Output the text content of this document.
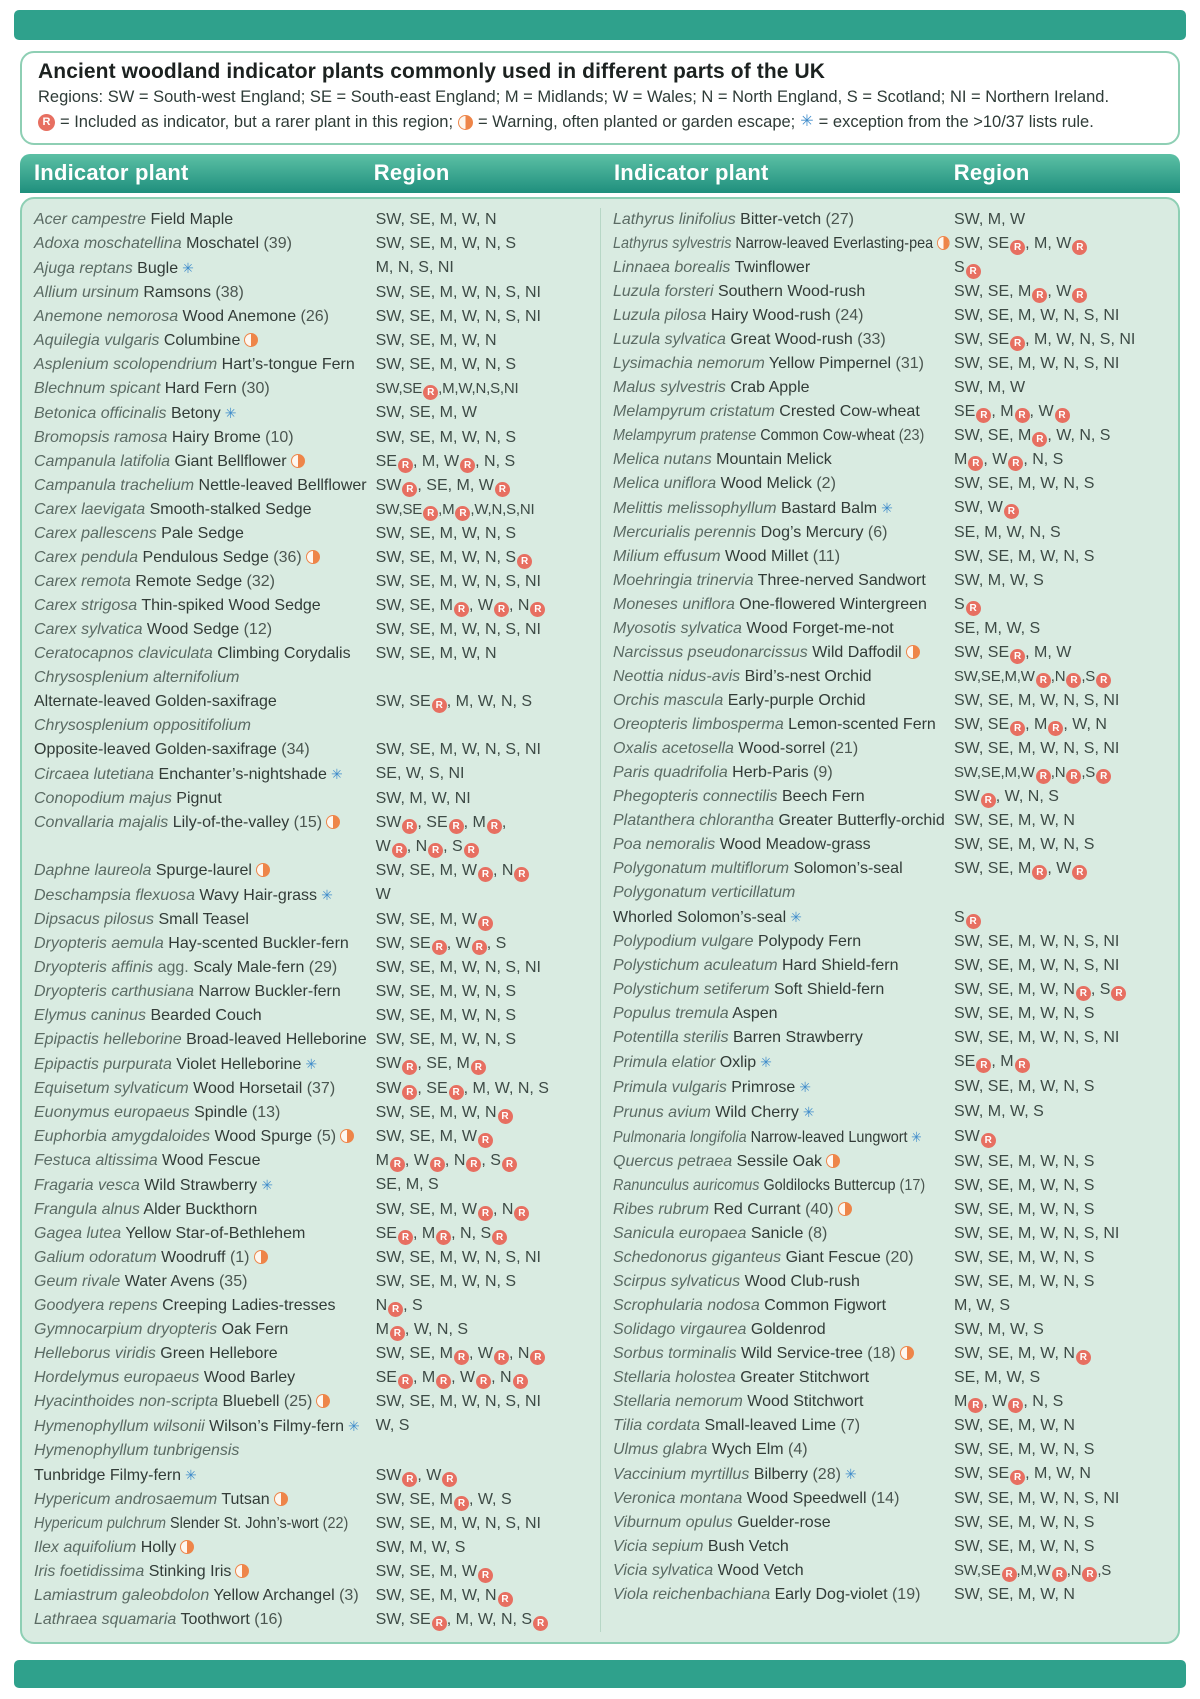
Ancient woodland indicator plants commonly used in different parts of the UK

Regions: SW = South-west England; SE = South-east England; M = Midlands; W = Wales; N = North England, S = Scotland; NI = Northern Ireland.

R = Included as indicator, but a rarer plant in this region; = Warning, often planted or garden escape; ✳ = exception from the >10/37 lists rule.

Indicator plant	Region	Indicator plant	Region
Acer campestre Field Maple	SW, SE, M, W, N
Adoxa moschatellina Moschatel (39)	SW, SE, M, W, N, S
Ajuga reptans Bugle ✳	M, N, S, NI
Allium ursinum Ramsons (38)	SW, SE, M, W, N, S, NI
Anemone nemorosa Wood Anemone (26)	SW, SE, M, W, N, S, NI
Aquilegia vulgaris Columbine	SW, SE, M, W, N
Asplenium scolopendrium Hart’s-tongue Fern	SW, SE, M, W, N, S
Blechnum spicant Hard Fern (30)	SW,SE R ,M,W,N,S,NI
Betonica officinalis Betony ✳	SW, SE, M, W
Bromopsis ramosa Hairy Brome (10)	SW, SE, M, W, N, S
Campanula latifolia Giant Bellflower	SE R , M, W R , N, S
Campanula trachelium Nettle-leaved Bellflower SW R , SE, M, W R
Carex laevigata Smooth-stalked Sedge	SW,SE R ,M R ,W,N,S,NI
Carex pallescens Pale Sedge	SW, SE, M, W, N, S
Carex pendula Pendulous Sedge (36)	SW, SE, M, W, N, S R
Carex remota Remote Sedge (32)	SW, SE, M, W, N, S, NI
Carex strigosa Thin-spiked Wood Sedge	SW, SE, M R , W R , N R
Carex sylvatica Wood Sedge (12)	SW, SE, M, W, N, S, NI
Ceratocapnos claviculata Climbing Corydalis	SW, SE, M, W, N
Chrysosplenium alternifolium
Alternate-leaved Golden-saxifrage	SW, SE R , M, W, N, S
Chrysosplenium oppositifolium
Opposite-leaved Golden-saxifrage (34)	SW, SE, M, W, N, S, NI
Circaea lutetiana Enchanter’s-nightshade ✳	SE, W, S, NI
Conopodium majus Pignut	SW, M, W, NI
Convallaria majalis Lily-of-the-valley (15)	SW R , SE R , M R ,
W R , N R , S R
Daphne laureola Spurge-laurel	SW, SE, M, W R , N R
Deschampsia flexuosa Wavy Hair-grass ✳	W
Dipsacus pilosus Small Teasel	SW, SE, M, W R
Dryopteris aemula Hay-scented Buckler-fern	SW, SE R , W R , S
Dryopteris affinis agg. Scaly Male-fern (29)	SW, SE, M, W, N, S, NI
Dryopteris carthusiana Narrow Buckler-fern	SW, SE, M, W, N, S
Elymus caninus Bearded Couch	SW, SE, M, W, N, S
Epipactis helleborine Broad-leaved Helleborine SW, SE, M, W, N, S
Epipactis purpurata Violet Helleborine ✳	SW R , SE, M R
Equisetum sylvaticum Wood Horsetail (37)	SW R , SE R , M, W, N, S
Euonymus europaeus Spindle (13)	SW, SE, M, W, N R
Euphorbia amygdaloides Wood Spurge (5)	SW, SE, M, W R
Festuca altissima Wood Fescue	M R , W R , N R , S R
Fragaria vesca Wild Strawberry ✳	SE, M, S
Frangula alnus Alder Buckthorn	SW, SE, M, W R , N R
Gagea lutea Yellow Star-of-Bethlehem	SE R , M R , N, S R
Galium odoratum Woodruff (1)	SW, SE, M, W, N, S, NI
Geum rivale Water Avens (35)	SW, SE, M, W, N, S
Goodyera repens Creeping Ladies-tresses	N R , S
Gymnocarpium dryopteris Oak Fern	M R , W, N, S
Helleborus viridis Green Hellebore	SW, SE, M R , W R , N R
Hordelymus europaeus Wood Barley	SE R , M R , W R , N R
Hyacinthoides non-scripta Bluebell (25)	SW, SE, M, W, N, S, NI
Hymenophyllum wilsonii Wilson’s Filmy-fern ✳ W, S
Hymenophyllum tunbrigensis
Tunbridge Filmy-fern ✳	SW R , W R
Hypericum androsaemum Tutsan	SW, SE, M R , W, S
Hypericum pulchrum Slender St. John’s-wort (22)	SW, SE, M, W, N, S, NI
Ilex aquifolium Holly	SW, M, W, S
Iris foetidissima Stinking Iris	SW, SE, M, W R
Lamiastrum galeobdolon Yellow Archangel (3)	SW, SE, M, W, N R
Lathraea squamaria Toothwort (16)	SW, SE R , M, W, N, S R
Lathyrus linifolius Bitter-vetch (27)	SW, M, W
Lathyrus sylvestris Narrow-leaved Everlasting-pea	SW, SE R , M, W R
Linnaea borealis Twinflower	S R
Luzula forsteri Southern Wood-rush	SW, SE, M R , W R
Luzula pilosa Hairy Wood-rush (24)	SW, SE, M, W, N, S, NI
Luzula sylvatica Great Wood-rush (33)	SW, SE R , M, W, N, S, NI
Lysimachia nemorum Yellow Pimpernel (31)	SW, SE, M, W, N, S, NI
Malus sylvestris Crab Apple	SW, M, W
Melampyrum cristatum Crested Cow-wheat	SE R , M R , W R
Melampyrum pratense Common Cow-wheat (23)	SW, SE, M R , W, N, S
Melica nutans Mountain Melick	M R , W R , N, S
Melica uniflora Wood Melick (2)	SW, SE, M, W, N, S
Melittis melissophyllum Bastard Balm ✳	SW, W R
Mercurialis perennis Dog’s Mercury (6)	SE, M, W, N, S
Milium effusum Wood Millet (11)	SW, SE, M, W, N, S
Moehringia trinervia Three-nerved Sandwort	SW, M, W, S
Moneses uniflora One-flowered Wintergreen	S R
Myosotis sylvatica Wood Forget-me-not	SE, M, W, S
Narcissus pseudonarcissus Wild Daffodil	SW, SE R , M, W
Neottia nidus-avis Bird’s-nest Orchid	SW,SE,M,W R ,N R ,S R
Orchis mascula Early-purple Orchid	SW, SE, M, W, N, S, NI
Oreopteris limbosperma Lemon-scented Fern	SW, SE R , M R , W, N
Oxalis acetosella Wood-sorrel (21)	SW, SE, M, W, N, S, NI
Paris quadrifolia Herb-Paris (9)	SW,SE,M,W R ,N R ,S R
Phegopteris connectilis Beech Fern	SW R , W, N, S
Platanthera chlorantha Greater Butterfly-orchid SW, SE, M, W, N
Poa nemoralis Wood Meadow-grass	SW, SE, M, W, N, S
Polygonatum multiflorum Solomon’s-seal	SW, SE, M R , W R
Polygonatum verticillatum
Whorled Solomon’s-seal ✳	S R
Polypodium vulgare Polypody Fern	SW, SE, M, W, N, S, NI
Polystichum aculeatum Hard Shield-fern	SW, SE, M, W, N, S, NI
Polystichum setiferum Soft Shield-fern	SW, SE, M, W, N R , S R
Populus tremula Aspen	SW, SE, M, W, N, S
Potentilla sterilis Barren Strawberry	SW, SE, M, W, N, S, NI
Primula elatior Oxlip ✳	SE R , M R
Primula vulgaris Primrose ✳	SW, SE, M, W, N, S
Prunus avium Wild Cherry ✳	SW, M, W, S
Pulmonaria longifolia Narrow-leaved Lungwort ✳	SW R
Quercus petraea Sessile Oak	SW, SE, M, W, N, S
Ranunculus auricomus Goldilocks Buttercup (17)	SW, SE, M, W, N, S
Ribes rubrum Red Currant (40)	SW, SE, M, W, N, S
Sanicula europaea Sanicle (8)	SW, SE, M, W, N, S, NI
Schedonorus giganteus Giant Fescue (20)	SW, SE, M, W, N, S
Scirpus sylvaticus Wood Club-rush	SW, SE, M, W, N, S
Scrophularia nodosa Common Figwort	M, W, S
Solidago virgaurea Goldenrod	SW, M, W, S
Sorbus torminalis Wild Service-tree (18)	SW, SE, M, W, N R
Stellaria holostea Greater Stitchwort	SE, M, W, S
Stellaria nemorum Wood Stitchwort	M R , W R , N, S
Tilia cordata Small-leaved Lime (7)	SW, SE, M, W, N
Ulmus glabra Wych Elm (4)	SW, SE, M, W, N, S
Vaccinium myrtillus Bilberry (28) ✳	SW, SE R , M, W, N
Veronica montana Wood Speedwell (14)	SW, SE, M, W, N, S, NI
Viburnum opulus Guelder-rose	SW, SE, M, W, N, S
Vicia sepium Bush Vetch	SW, SE, M, W, N, S
Vicia sylvatica Wood Vetch	SW,SE R ,M,W R ,N R ,S
Viola reichenbachiana Early Dog-violet (19)	SW, SE, M, W, N
